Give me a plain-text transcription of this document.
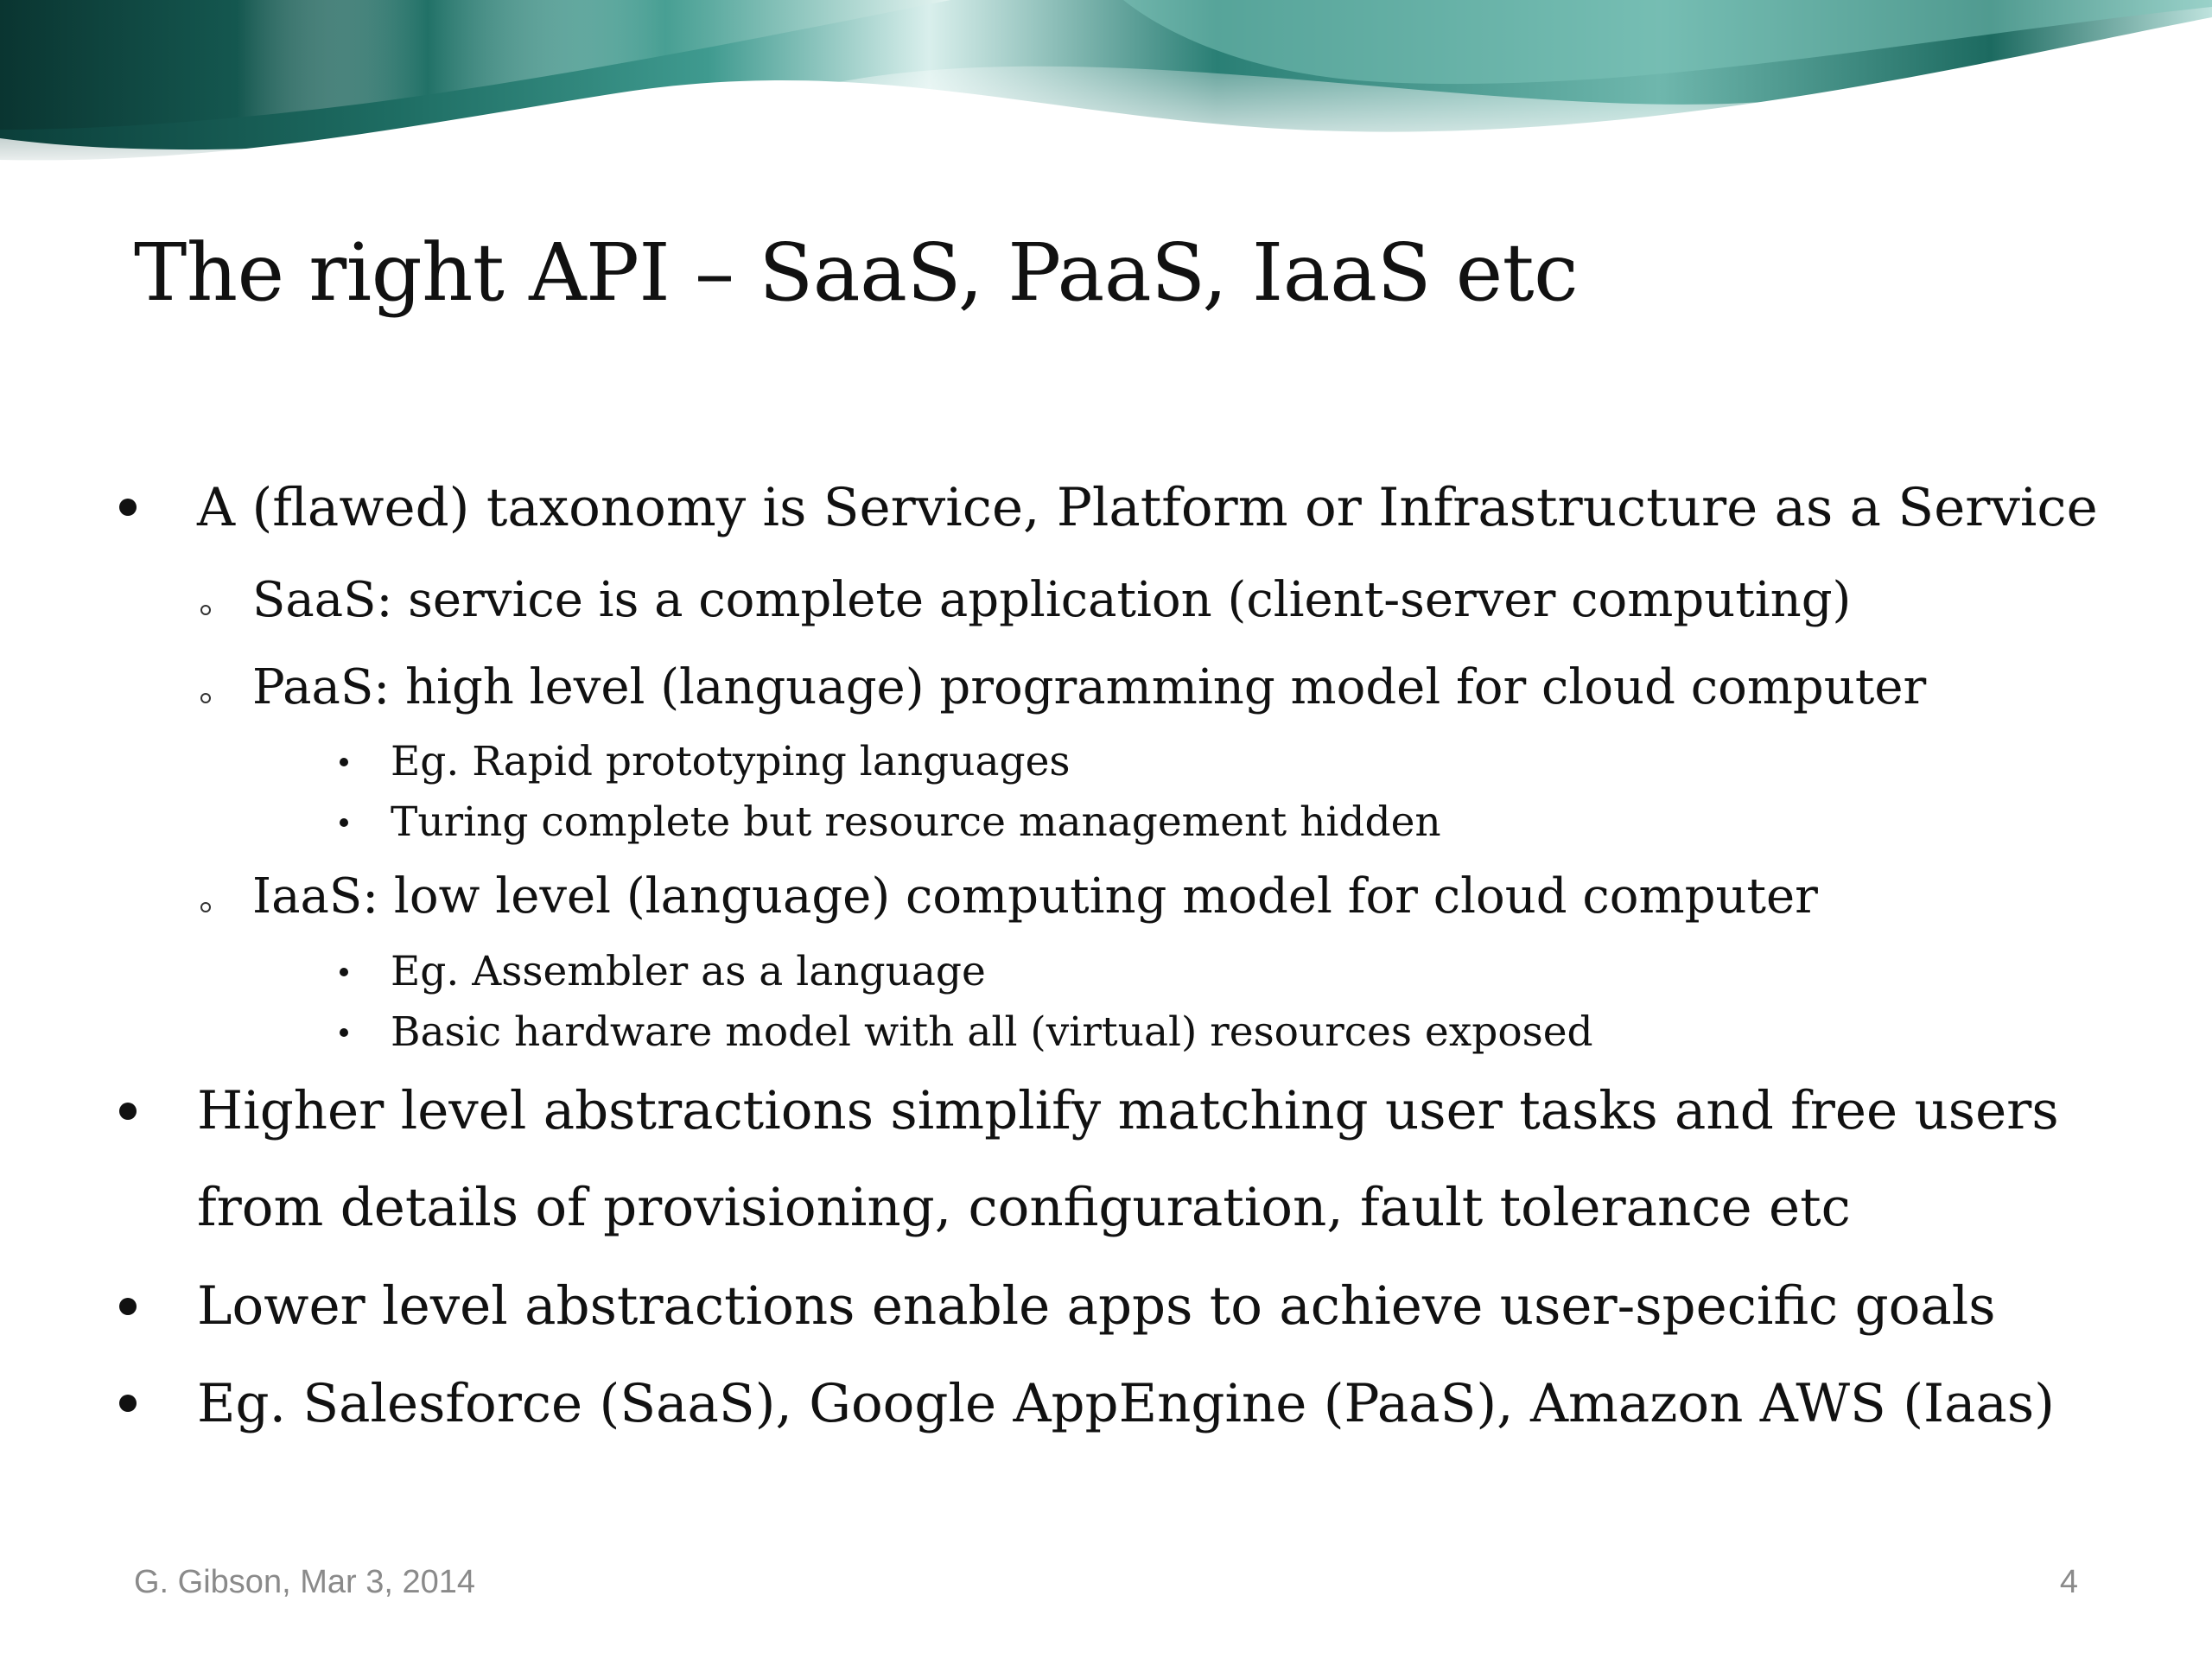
The right API – SaaS, PaaS, IaaS etc
A (flawed) taxonomy is Service, Platform or Infrastructure as a Service
SaaS: service is a complete application (client-server computing)
PaaS: high level (language) programming model for cloud computer
Eg. Rapid prototyping languages
Turing complete but resource management hidden
IaaS: low level (language) computing model for cloud computer
Eg. Assembler as a language
Basic hardware model with all (virtual) resources exposed
Higher level abstractions simplify matching user tasks and free users
from details of provisioning, configuration, fault tolerance etc
Lower level abstractions enable apps to achieve user-specific goals
Eg. Salesforce (SaaS), Google AppEngine (PaaS), Amazon AWS (Iaas)
G. Gibson, Mar 3, 2014	4
